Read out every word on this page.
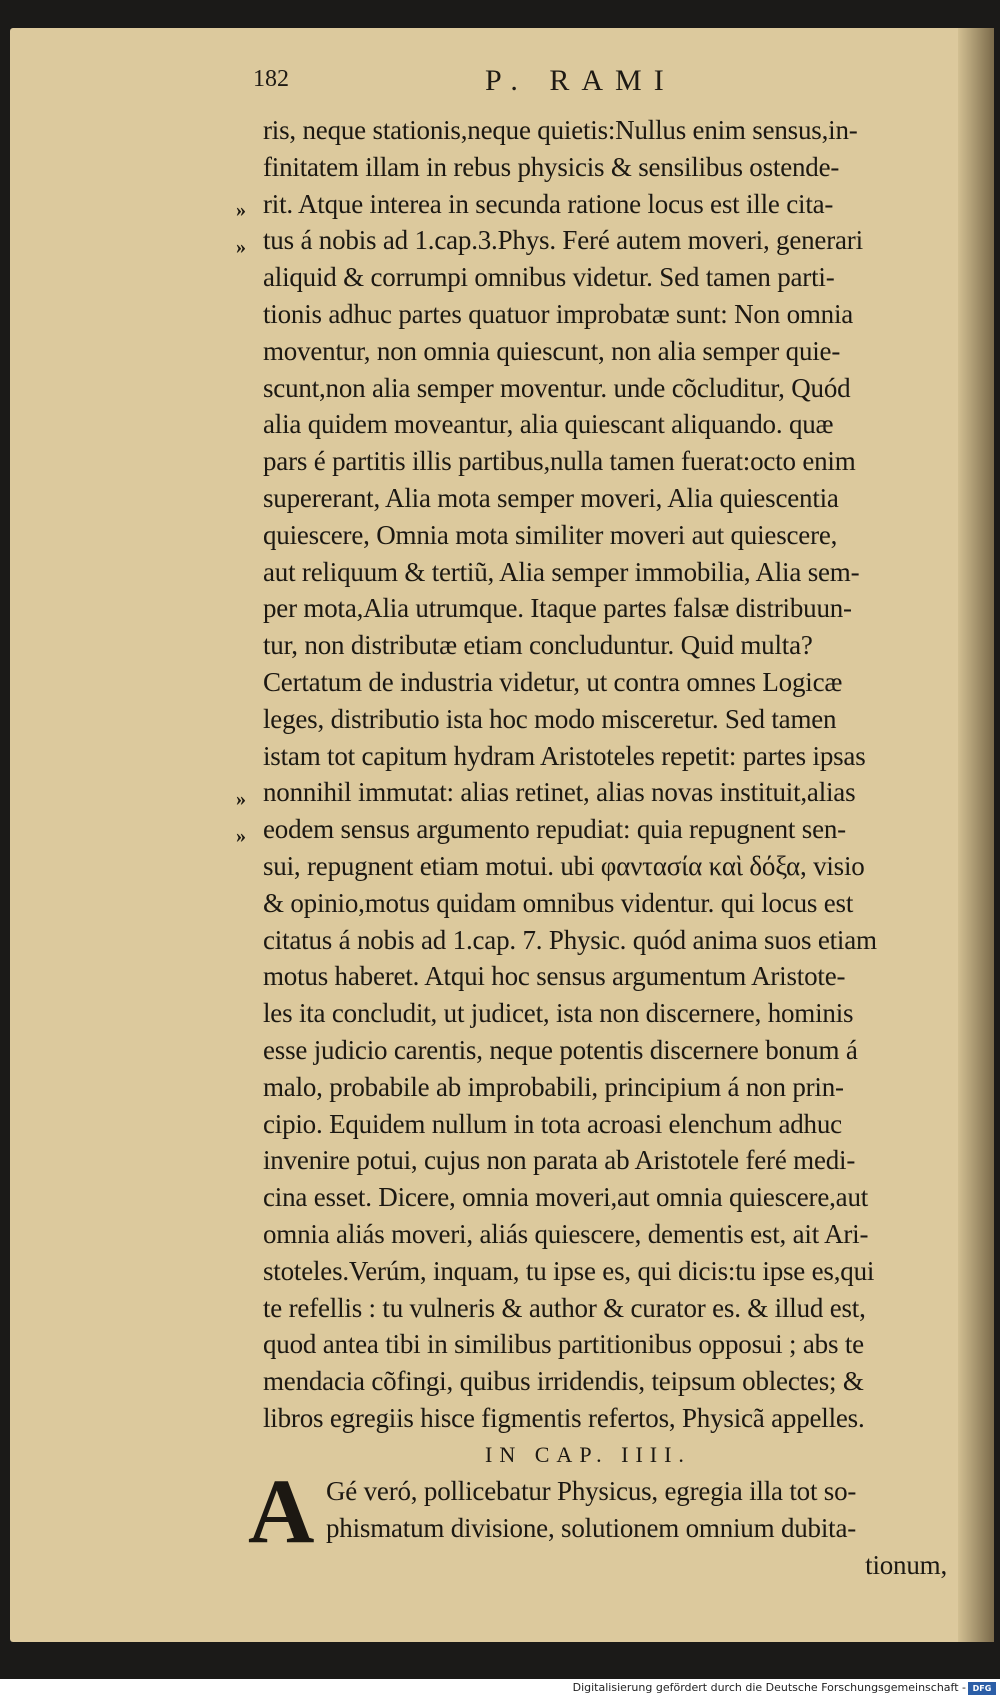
182	P. RAMI
»
»
»
»
ris, neque stationis,neque quietis:Nullus enim sensus,in-
finitatem illam in rebus physicis & sensilibus ostende-
rit. Atque interea in secunda ratione locus est ille cita-
tus á nobis ad 1.cap.3.Phys. Feré autem moveri, generari
aliquid & corrumpi omnibus videtur. Sed tamen parti-
tionis adhuc partes quatuor improbatæ sunt: Non omnia
moventur, non omnia quiescunt, non alia semper quie-
scunt,non alia semper moventur. unde cõcluditur, Quód
alia quidem moveantur, alia quiescant aliquando. quæ
pars é partitis illis partibus,nulla tamen fuerat:octo enim
supererant, Alia mota semper moveri, Alia quiescentia
quiescere, Omnia mota similiter moveri aut quiescere,
aut reliquum & tertiũ, Alia semper immobilia, Alia sem-
per mota,Alia utrumque. Itaque partes falsæ distribuun-
tur, non distributæ etiam concluduntur. Quid multa?
Certatum de industria videtur, ut contra omnes Logicæ
leges, distributio ista hoc modo misceretur. Sed tamen
istam tot capitum hydram Aristoteles repetit: partes ipsas
nonnihil immutat: alias retinet, alias novas instituit,alias
eodem sensus argumento repudiat: quia repugnent sen-
sui, repugnent etiam motui. ubi φαντασία καὶ δόξα, visio
& opinio,motus quidam omnibus videntur. qui locus est
citatus á nobis ad 1.cap. 7. Physic. quód anima suos etiam
motus haberet. Atqui hoc sensus argumentum Aristote-
les ita concludit, ut judicet, ista non discernere, hominis
esse judicio carentis, neque potentis discernere bonum á
malo, probabile ab improbabili, principium á non prin-
cipio. Equidem nullum in tota acroasi elenchum adhuc
invenire potui, cujus non parata ab Aristotele feré medi-
cina esset. Dicere, omnia moveri,aut omnia quiescere,aut
omnia aliás moveri, aliás quiescere, dementis est, ait Ari-
stoteles.Verúm, inquam, tu ipse es, qui dicis:tu ipse es,qui
te refellis : tu vulneris & author & curator es. & illud est,
quod antea tibi in similibus partitionibus opposui ; abs te
mendacia cõfingi, quibus irridendis, teipsum oblectes; &
libros egregiis hisce figmentis refertos, Physicã appelles.
IN CAP. IIII.
A Gé veró, pollicebatur Physicus, egregia illa tot so-
phismatum divisione, solutionem omnium dubita-
tionum,
Digitalisierung gefördert durch die Deutsche Forschungsgemeinschaft - DFG
